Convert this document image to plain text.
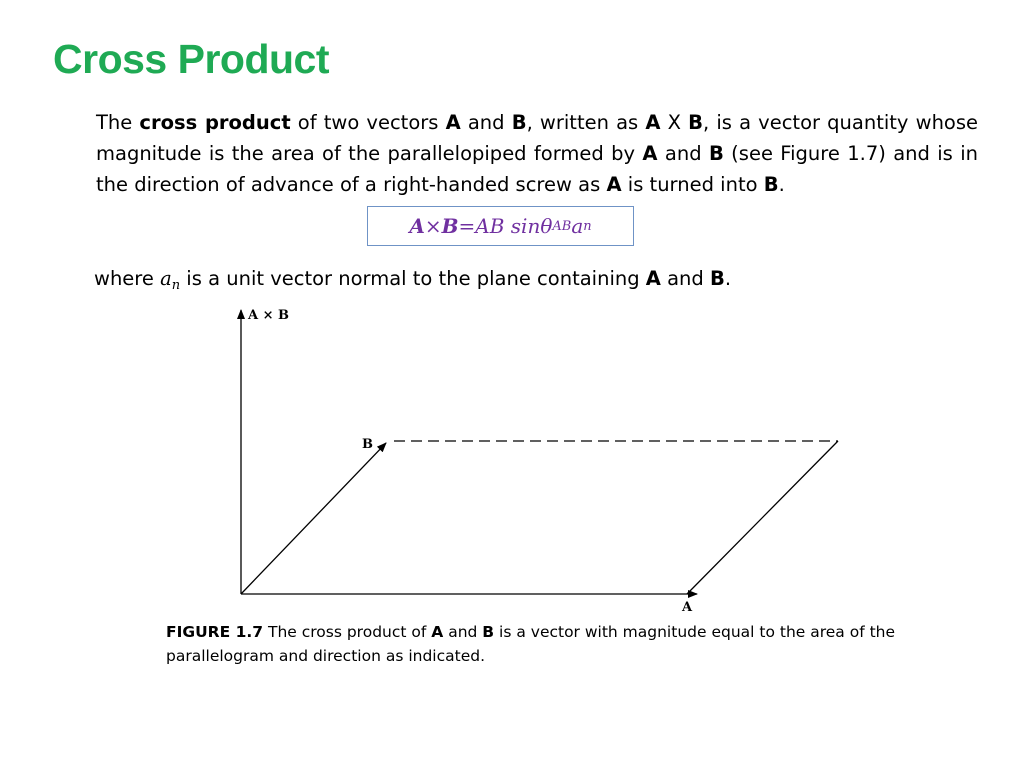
Cross Product
The cross product of two vectors A and B, written as A X B, is a vector quantity whose magnitude is the area of the parallelopiped formed by A and B (see Figure 1.7) and is in the direction of advance of a right-handed screw as A is turned into B.
A × B = AB sinθ AB a n
where $a_n$ is a unit vector normal to the plane containing A and B.
A × B
B
A
FIGURE 1.7 The cross product of A and B is a vector with magnitude equal to the area of the parallelogram and direction as indicated.
